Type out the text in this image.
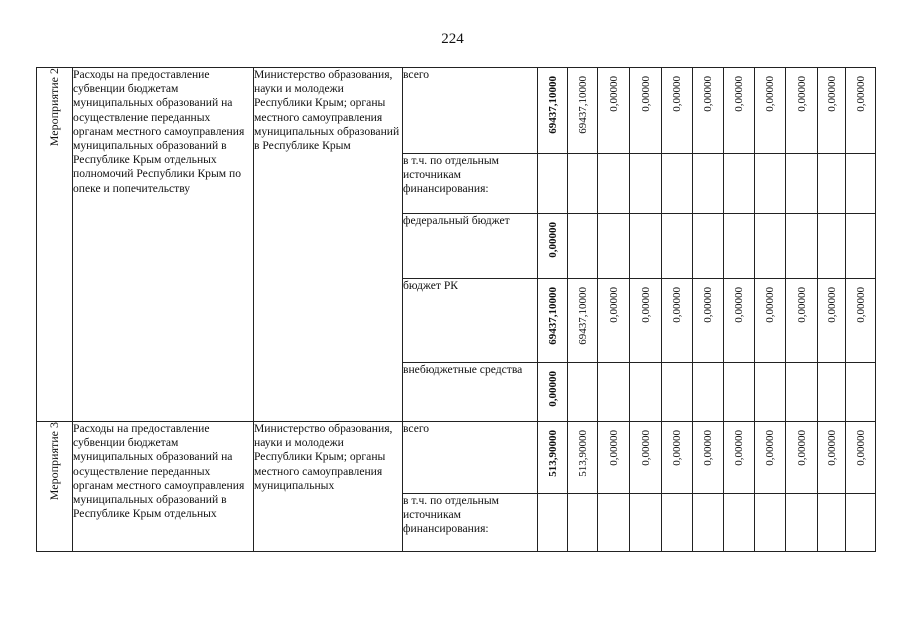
224
Мероприятие 2	Расходы на предоставление субвенции бюджетам муниципальных образований на осуществление переданных органам местного самоуправления муниципальных образований в Республике Крым отдельных полномочий Республики Крым по опеке и попечительству	Министерство образования, науки и молодежи Республики Крым; органы местного самоуправления муниципальных образований в Республике Крым	всего	69437,10000	69437,10000	0,00000	0,00000	0,00000	0,00000	0,00000	0,00000	0,00000	0,00000	0,00000

			в т.ч. по отдельным источникам финансирования:											
			федеральный бюджет	0,00000										

			бюджет РК	69437,10000	69437,10000	0,00000	0,00000	0,00000	0,00000	0,00000	0,00000	0,00000	0,00000	0,00000

			внебюджетные средства	0,00000										

Мероприятие 3	Расходы на предоставление субвенции бюджетам муниципальных образований на осуществление переданных органам местного самоуправления муниципальных образований в Республике Крым отдельных	Министерство образования, науки и молодежи Республики Крым; органы местного самоуправления муниципальных	всего	513,90000	513,90000	0,00000	0,00000	0,00000	0,00000	0,00000	0,00000	0,00000	0,00000	0,00000

			в т.ч. по отдельным источникам финансирования:											
